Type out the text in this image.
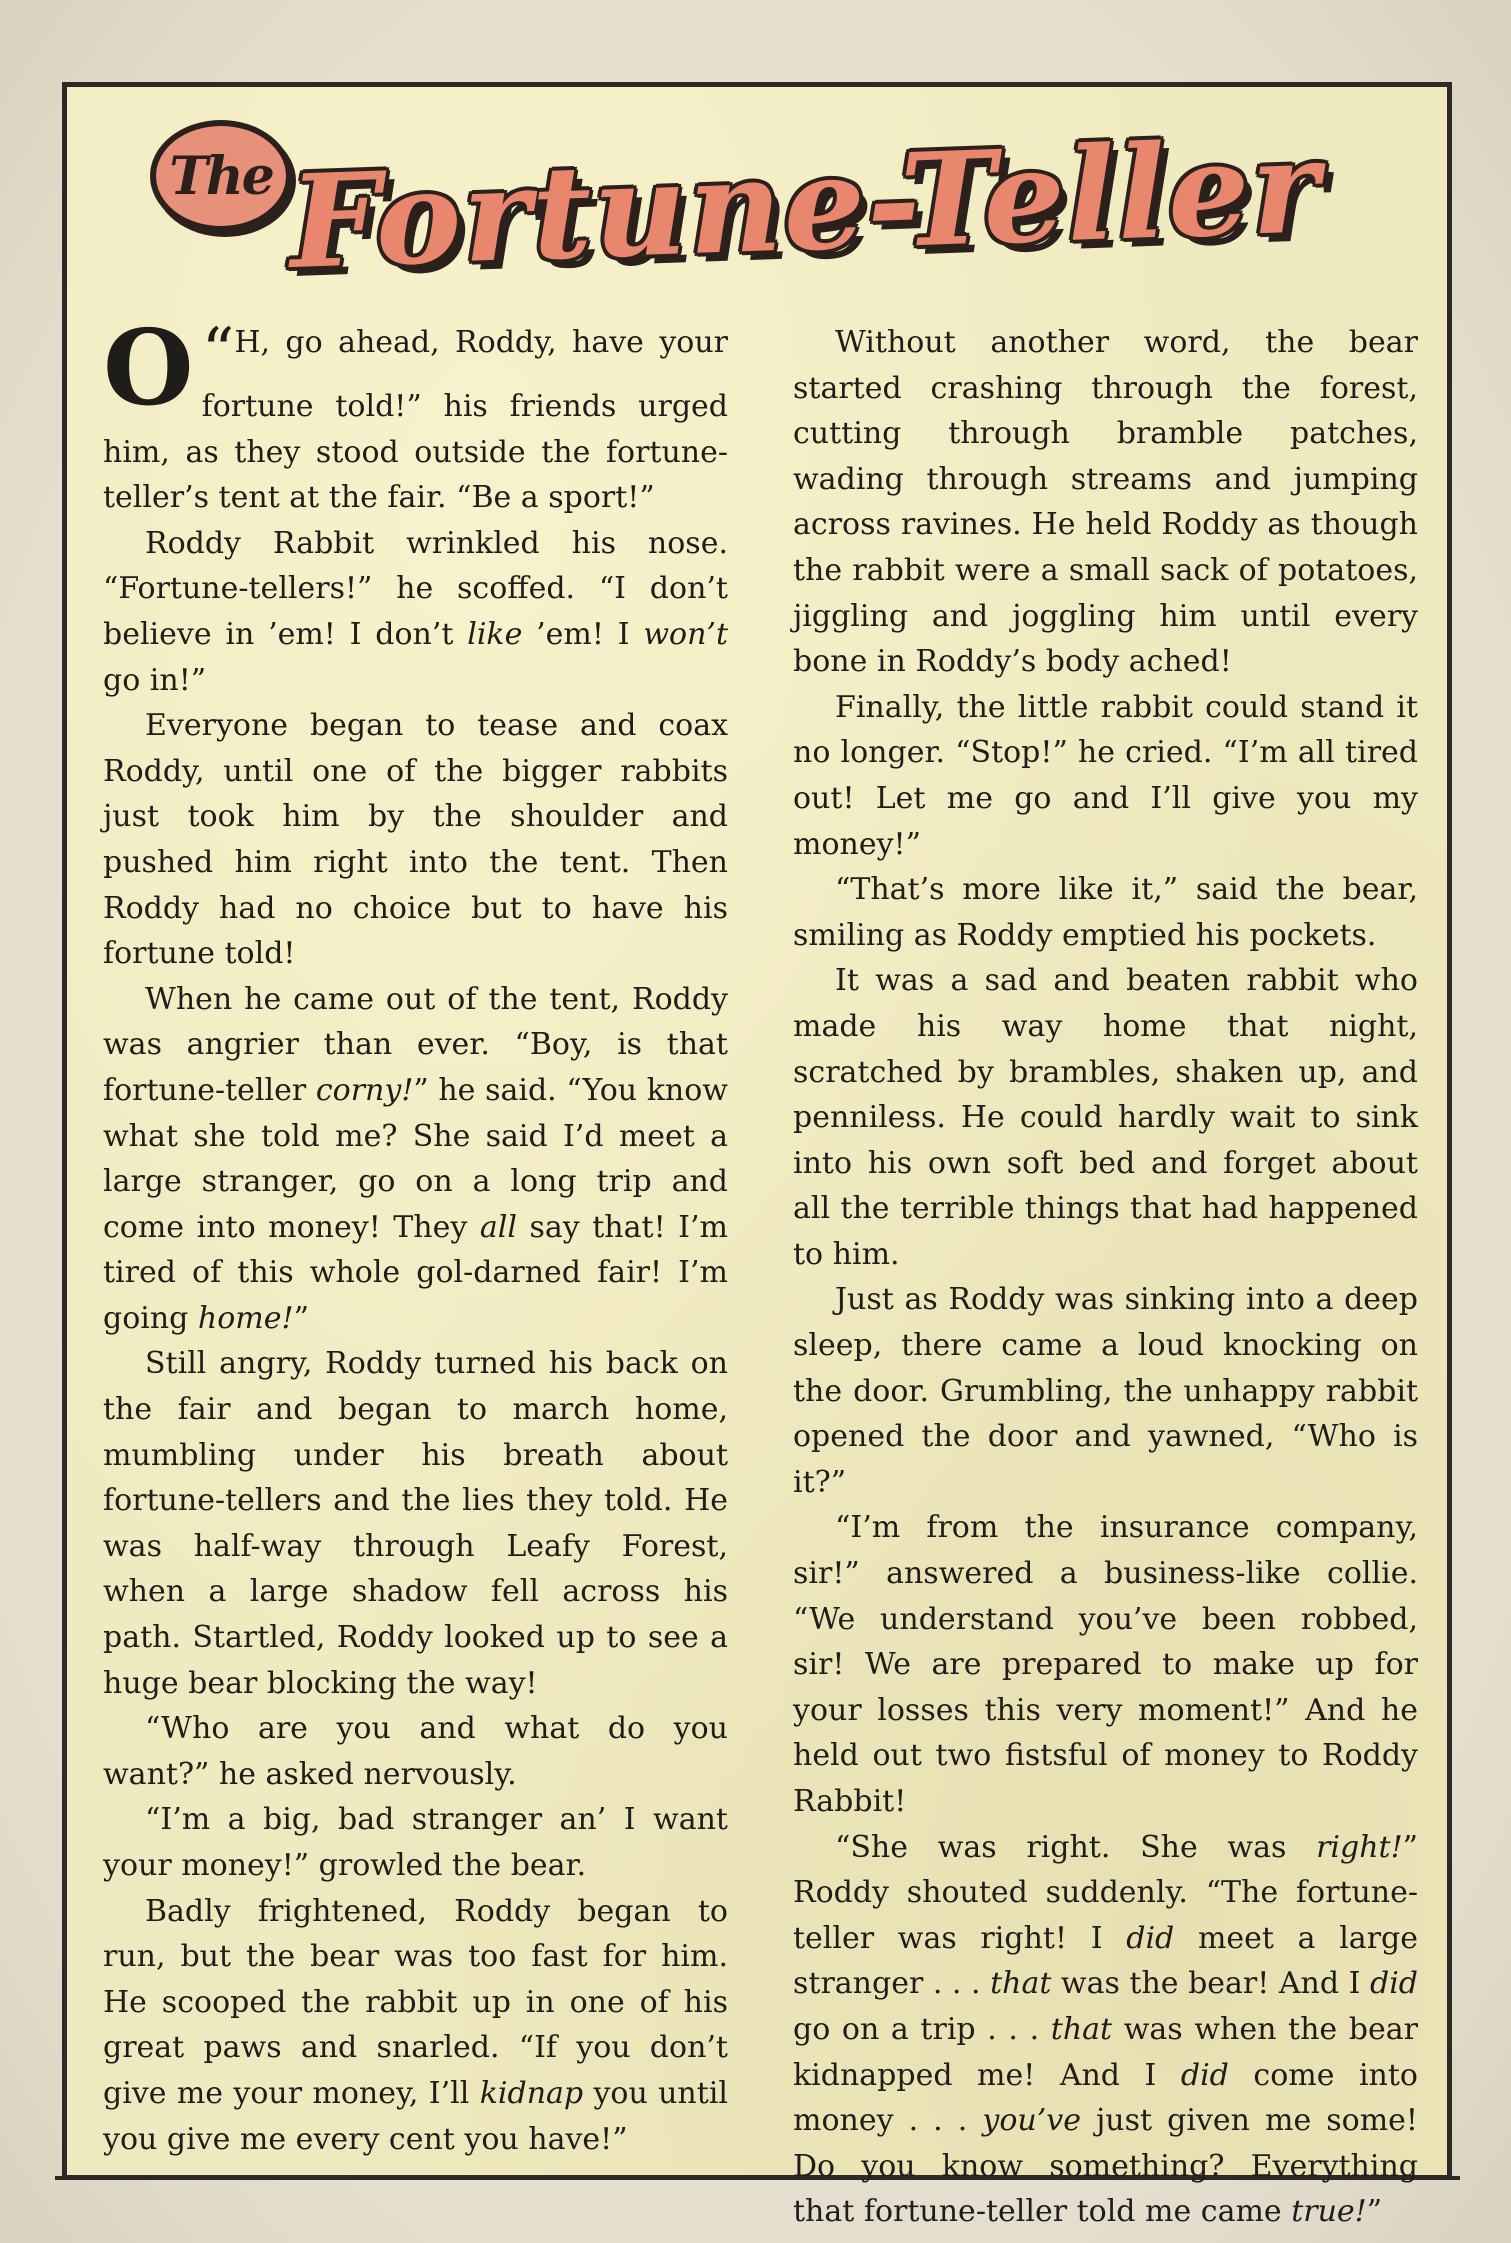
The Fortune-Teller

“
O H, go ahead, Roddy, have your fortune told!” his friends urged him, as they stood outside the fortune-teller’s tent at the fair. “Be a sport!”

Roddy Rabbit wrinkled his nose. “Fortune-tellers!” he scoffed. “I don’t believe in ’em! I don’t like ’em! I won’t go in!”

Everyone began to tease and coax Roddy, until one of the bigger rabbits just took him by the shoulder and pushed him right into the tent. Then Roddy had no choice but to have his fortune told!

When he came out of the tent, Roddy was angrier than ever. “Boy, is that fortune-teller corny!” he said. “You know what she told me? She said I’d meet a large stranger, go on a long trip and come into money! They all say that! I’m tired of this whole gol-darned fair! I’m going home!”

Still angry, Roddy turned his back on the fair and began to march home, mumbling under his breath about fortune-tellers and the lies they told. He was half-way through Leafy Forest, when a large shadow fell across his path. Startled, Roddy looked up to see a huge bear blocking the way!

“Who are you and what do you want?” he asked nervously.

“I’m a big, bad stranger an’ I want your money!” growled the bear.

Badly frightened, Roddy began to run, but the bear was too fast for him. He scooped the rabbit up in one of his great paws and snarled. “If you don’t give me your money, I’ll kidnap you until you give me every cent you have!”

Without another word, the bear started crashing through the forest, cutting through bramble patches, wading through streams and jumping across ravines. He held Roddy as though the rabbit were a small sack of potatoes, jiggling and joggling him until every bone in Roddy’s body ached!

Finally, the little rabbit could stand it no longer. “Stop!” he cried. “I’m all tired out! Let me go and I’ll give you my money!”

“That’s more like it,” said the bear, smiling as Roddy emptied his pockets.

It was a sad and beaten rabbit who made his way home that night, scratched by brambles, shaken up, and penniless. He could hardly wait to sink into his own soft bed and forget about all the terrible things that had happened to him.

Just as Roddy was sinking into a deep sleep, there came a loud knocking on the door. Grumbling, the unhappy rabbit opened the door and yawned, “Who is it?”

“I’m from the insurance company, sir!” answered a business-like collie. “We understand you’ve been robbed, sir! We are prepared to make up for your losses this very moment!” And he held out two fistsful of money to Roddy Rabbit!

“She was right. She was right!” Roddy shouted suddenly. “The fortune-teller was right! I did meet a large stranger . . . that was the bear! And I did go on a trip . . . that was when the bear kidnapped me! And I did come into money . . . you’ve just given me some! Do you know something? Everything that fortune-teller told me came true!”
